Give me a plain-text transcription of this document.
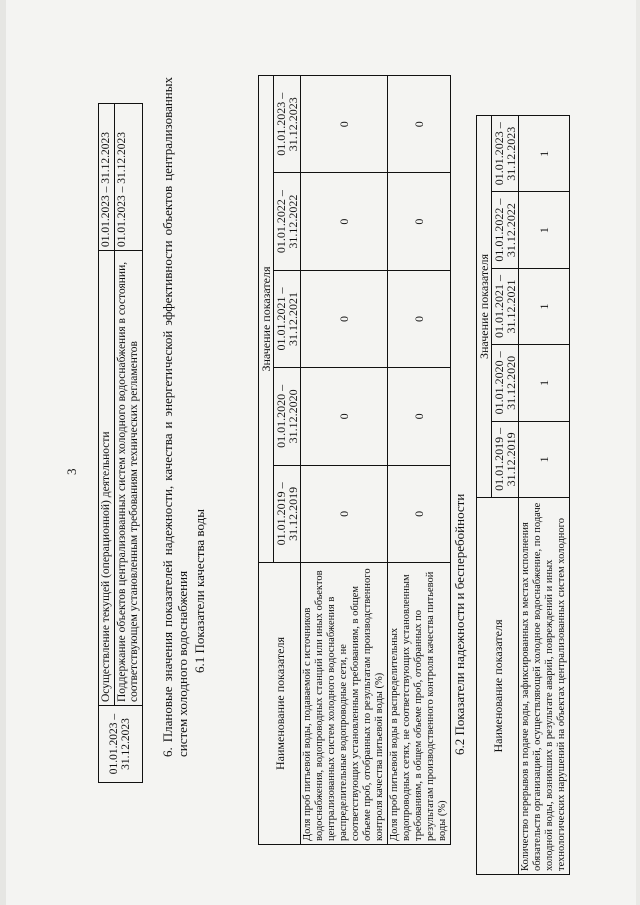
3
01.01.2023 – 31.12.2023	Осуществление текущей (операционной) деятельности	01.01.2023 – 31.12.2023
	Поддержание объектов централизованных систем холодного водоснабжения в состоянии, соответствующем установленным требованиям технических регламентов	01.01.2023 – 31.12.2023	6. Плановые значения показателей надежности, качества и энергетической эффективности объектов централизованных систем холодного водоснабжения 6.1 Показатели качества воды
Наименование показателя	Значение показателя				
	01.01.2019 – 31.12.2019	01.01.2020 – 31.12.2020	01.01.2021 – 31.12.2021	01.01.2022 – 31.12.2022	01.01.2023 – 31.12.2023
Доля проб питьевой воды, подаваемой с источников водоснабжения, водопроводных станций или иных объектов централизованных систем холодного водоснабжения в распределительные водопроводные сети, не соответствующих установленным требованиям, в общем объеме проб, отобранных по результатам производственного контроля качества питьевой воды (%)	0	0	0	0	0
Доля проб питьевой воды в распределительных водопроводных сетях, не соответствующих установленным требованиям, в общем объеме проб, отобранных по результатам производственного контроля качества питьевой воды (%)	0	0	0	0	0
6.2 Показатели надежности и бесперебойности Наименование показателя	Значение показателя				
	01.01.2019 – 31.12.2019	01.01.2020 – 31.12.2020	01.01.2021 – 31.12.2021	01.01.2022 – 31.12.2022	01.01.2023 – 31.12.2023
Количество перерывов в подаче воды, зафиксированных в местах исполнения обязательств организацией, осуществляющей холодное водоснабжение, по подаче холодной воды, возникших в результате аварий, повреждений и иных технологических нарушений на объектах централизованных систем холодного	1	1	1	1	1
